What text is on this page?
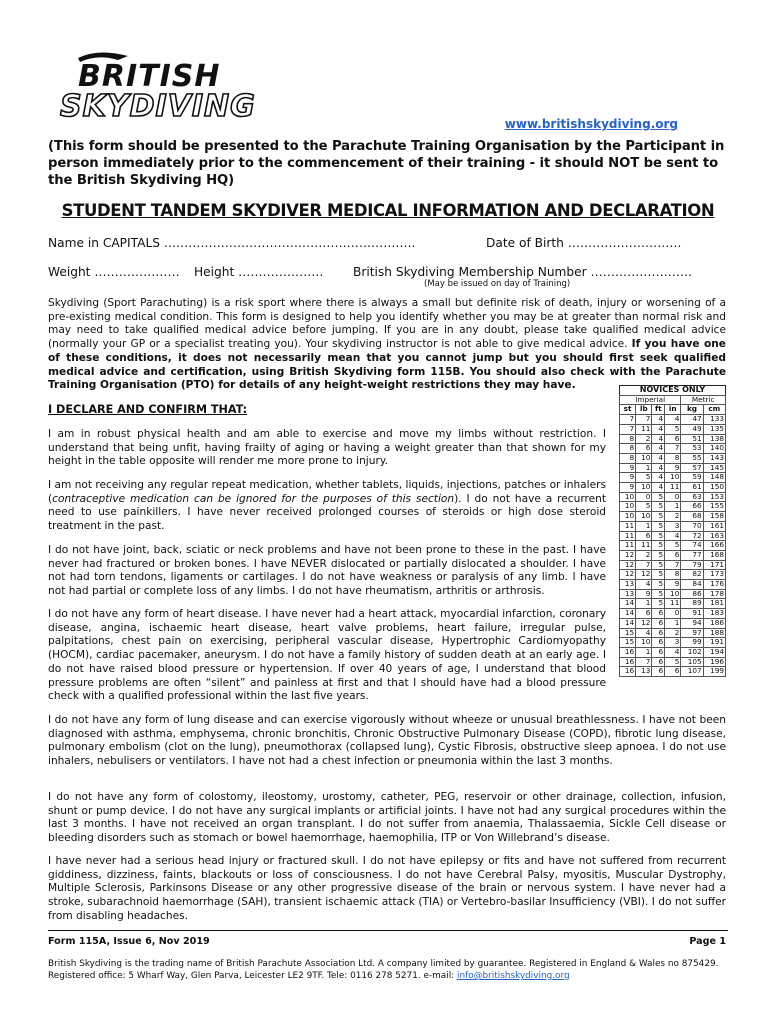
BRITISH
SKYDIVING	www.britishskydiving.org
(This form should be presented to the Parachute Training Organisation by the Participant in person immediately prior to the commencement of their training - it should NOT be sent to the British Skydiving HQ)
STUDENT TANDEM SKYDIVER MEDICAL INFORMATION AND DECLARATION
Name in CAPITALS ……………………………………………………..	Date of Birth ……………………….
Weight ………………… Height ………………… British Skydiving Membership Number …………………….
(May be issued on day of Training)
Skydiving (Sport Parachuting) is a risk sport where there is always a small but definite risk of death, injury or worsening of a pre-existing medical condition. This form is designed to help you identify whether you may be at greater than normal risk and may need to take qualified medical advice before jumping. If you are in any doubt, please take qualified medical advice (normally your GP or a specialist treating you). Your skydiving instructor is not able to give medical advice. If you have one of these conditions, it does not necessarily mean that you cannot jump but you should first seek qualified medical advice and certification, using British Skydiving form 115B. You should also check with the Parachute Training Organisation (PTO) for details of any height-weight restrictions they may have.
I DECLARE AND CONFIRM THAT:
I am in robust physical health and am able to exercise and move my limbs without restriction. I understand that being unfit, having frailty of aging or having a weight greater than that shown for my height in the table opposite will render me more prone to injury.
I am not receiving any regular repeat medication, whether tablets, liquids, injections, patches or inhalers (contraceptive medication can be ignored for the purposes of this section). I do not have a recurrent need to use painkillers. I have never received prolonged courses of steroids or high dose steroid treatment in the past.
I do not have joint, back, sciatic or neck problems and have not been prone to these in the past. I have never had fractured or broken bones. I have NEVER dislocated or partially dislocated a shoulder. I have not had torn tendons, ligaments or cartilages. I do not have weakness or paralysis of any limb. I have not had partial or complete loss of any limbs. I do not have rheumatism, arthritis or arthrosis.
I do not have any form of heart disease. I have never had a heart attack, myocardial infarction, coronary disease, angina, ischaemic heart disease, heart valve problems, heart failure, irregular pulse, palpitations, chest pain on exercising, peripheral vascular disease, Hypertrophic Cardiomyopathy (HOCM), cardiac pacemaker, aneurysm. I do not have a family history of sudden death at an early age. I do not have raised blood pressure or hypertension. If over 40 years of age, I understand that blood pressure problems are often “silent” and painless at first and that I should have had a blood pressure check with a qualified professional within the last five years.
I do not have any form of lung disease and can exercise vigorously without wheeze or unusual breathlessness. I have not been diagnosed with asthma, emphysema, chronic bronchitis, Chronic Obstructive Pulmonary Disease (COPD), fibrotic lung disease, pulmonary embolism (clot on the lung), pneumothorax (collapsed lung), Cystic Fibrosis, obstructive sleep apnoea. I do not use inhalers, nebulisers or ventilators. I have not had a chest infection or pneumonia within the last 3 months.
I do not have any form of colostomy, ileostomy, urostomy, catheter, PEG, reservoir or other drainage, collection, infusion, shunt or pump device. I do not have any surgical implants or artificial joints. I have not had any surgical procedures within the last 3 months. I have not received an organ transplant. I do not suffer from anaemia, Thalassaemia, Sickle Cell disease or bleeding disorders such as stomach or bowel haemorrhage, haemophilia, ITP or Von Willebrand’s disease.
I have never had a serious head injury or fractured skull. I do not have epilepsy or fits and have not suffered from recurrent giddiness, dizziness, faints, blackouts or loss of consciousness. I do not have Cerebral Palsy, myositis, Muscular Dystrophy, Multiple Sclerosis, Parkinsons Disease or any other progressive disease of the brain or nervous system. I have never had a stroke, subarachnoid haemorrhage (SAH), transient ischaemic attack (TIA) or Vertebro-basilar Insufficiency (VBI). I do not suffer from disabling headaches.
NOVICES ONLY					
Imperial				Metric	
st	lb	ft	in	kg	cm
7	7	4	4	47	133
7	11	4	5	49	135
8	2	4	6	51	138
8	6	4	7	53	140
8	10	4	8	55	143
9	1	4	9	57	145
9	5	4	10	59	148
9	10	4	11	61	150
10	0	5	0	63	153
10	5	5	1	66	155
10	10	5	2	68	158
11	1	5	3	70	161
11	6	5	4	72	163
11	11	5	5	74	166
12	2	5	6	77	168
12	7	5	7	79	171
12	12	5	8	82	173
13	4	5	9	84	176
13	9	5	10	86	178
14	1	5	11	89	181
14	6	6	0	91	183
14	12	6	1	94	186
15	4	6	2	97	188
15	10	6	3	99	191
16	1	6	4	102	194
16	7	6	5	105	196
16	13	6	6	107	199
Form 115A, Issue 6, Nov 2019	Page 1
British Skydiving is the trading name of British Parachute Association Ltd. A company limited by guarantee. Registered in England & Wales no 875429.
Registered office: 5 Wharf Way, Glen Parva, Leicester LE2 9TF. Tele: 0116 278 5271. e-mail: info@britishskydiving.org
